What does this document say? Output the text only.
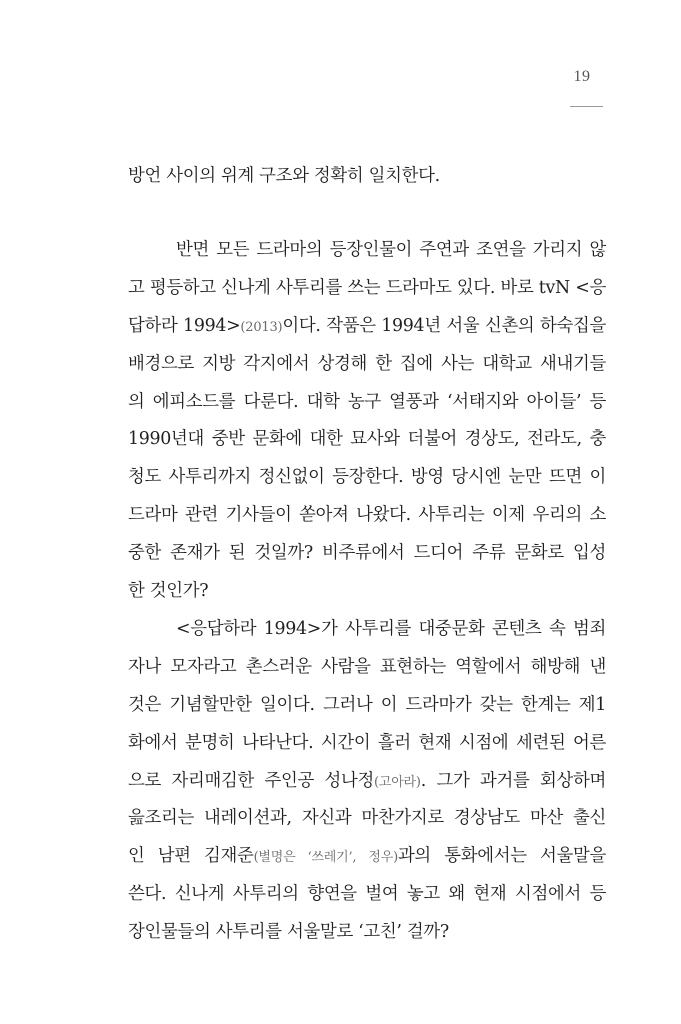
19
방언 사이의 위계 구조와 정확히 일치한다.
반면 모든 드라마의 등장인물이 주연과 조연을 가리지 않
고 평등하고 신나게 사투리를 쓰는 드라마도 있다. 바로 tvN <응
답하라 1994>(2013)이다. 작품은 1994년 서울 신촌의 하숙집을
배경으로 지방 각지에서 상경해 한 집에 사는 대학교 새내기들
의 에피소드를 다룬다. 대학 농구 열풍과 ‘서태지와 아이들’ 등
1990년대 중반 문화에 대한 묘사와 더불어 경상도, 전라도, 충
청도 사투리까지 정신없이 등장한다. 방영 당시엔 눈만 뜨면 이
드라마 관련 기사들이 쏟아져 나왔다. 사투리는 이제 우리의 소
중한 존재가 된 것일까? 비주류에서 드디어 주류 문화로 입성
한 것인가?
<응답하라 1994>가 사투리를 대중문화 콘텐츠 속 범죄
자나 모자라고 촌스러운 사람을 표현하는 역할에서 해방해 낸
것은 기념할만한 일이다. 그러나 이 드라마가 갖는 한계는 제1
화에서 분명히 나타난다. 시간이 흘러 현재 시점에 세련된 어른
으로 자리매김한 주인공 성나정(고아라). 그가 과거를 회상하며
읊조리는 내레이션과, 자신과 마찬가지로 경상남도 마산 출신
인 남편 김재준(별명은 ‘쓰레기’, 정우)과의 통화에서는 서울말을
쓴다. 신나게 사투리의 향연을 벌여 놓고 왜 현재 시점에서 등
장인물들의 사투리를 서울말로 ‘고친’ 걸까?
